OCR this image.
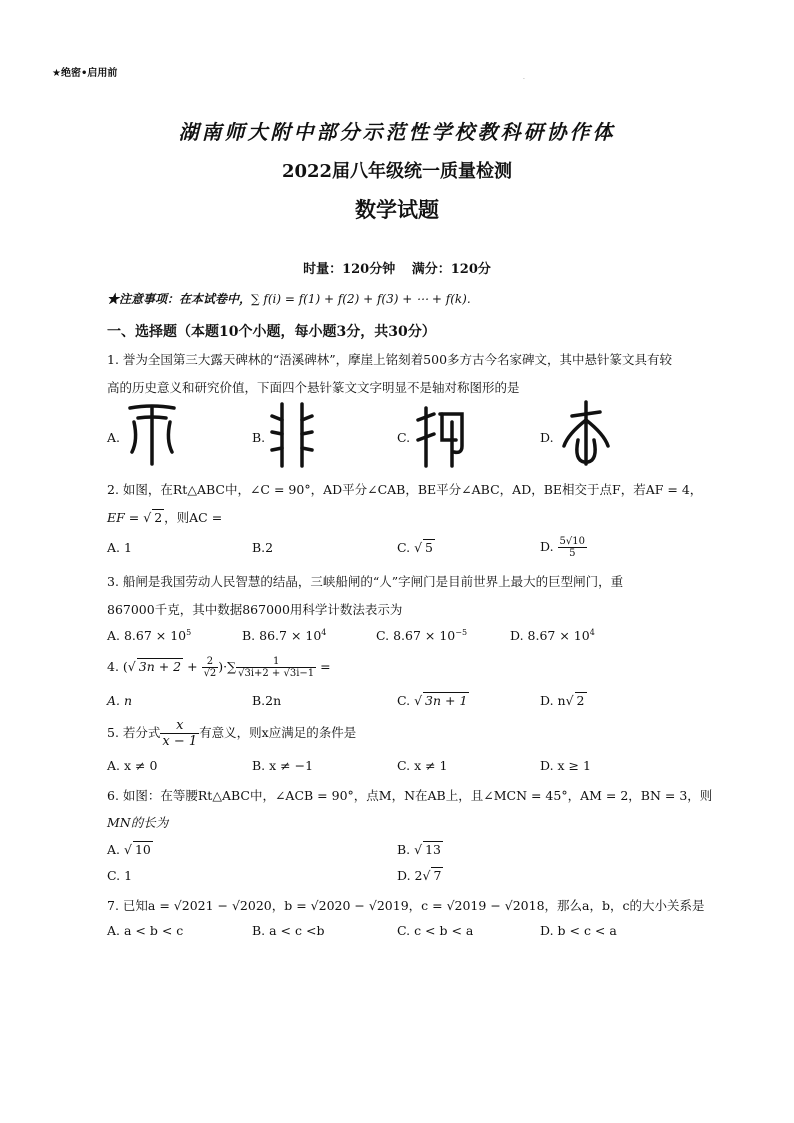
★绝密•启用前
·
湖南师大附中部分示范性学校教科研协作体
2022届八年级统一质量检测
数学试题
时量：120分钟 满分：120分
★注意事项：在本试卷中，∑ f(i) = f(1) + f(2) + f(3) + ⋯ + f(k).
一、选择题（本题10个小题，每小题3分，共30分）
1. 誉为全国第三大露天碑林的“浯溪碑林”，摩崖上铭刻着500多方古今名家碑文，其中悬针篆文具有较
高的历史意义和研究价值，下面四个悬针篆文文字明显不是轴对称图形的是
A.	B.	C.	D.
2. 如图，在Rt△ABC中，∠C = 90°，AD平分∠CAB，BE平分∠ABC，AD，BE相交于点F，若AF = 4，
EF = √ 2 ，则AC =
A. 1	B.2	C. √ 5	D. $\frac{5√10}{5}$
3. 船闸是我国劳动人民智慧的结晶，三峡船闸的“人”字闸门是目前世界上最大的巨型闸门，重
867000千克，其中数据867000用科学计数法表示为
A. $8.67 \times 10^5$	B. $86.7 \times 10^4$	C. $8.67 \times 10^{-5}$	D. $8.67 \times 10^4$
4. (√ $3n + 2 + \frac{2}{√2}$ )·∑ $\frac{1}{√3i+2 + √3i-1}$ =
A. n	B.2n	C. √ 3n + 1	D. n√ 2
5. 若分式 $\frac{x}{x - 1}$ 有意义，则x应满足的条件是
A. x ≠ 0	B. x ≠ −1	C. x ≠ 1	D. x ≥ 1
6. 如图：在等腰Rt△ABC中，∠ACB = 90°，点M，N在AB上，且∠MCN = 45°，AM = 2，BN = 3，则
MN的长为
A. √ 10	B. √ 13
C. 1	D. 2√ 7
7. 已知a = √2021 − √2020，b = √2020 − √2019，c = √2019 − √2018，那么a，b，c的大小关系是
A. a < b < c	B. a < c <b	C. c < b < a	D. b < c < a
